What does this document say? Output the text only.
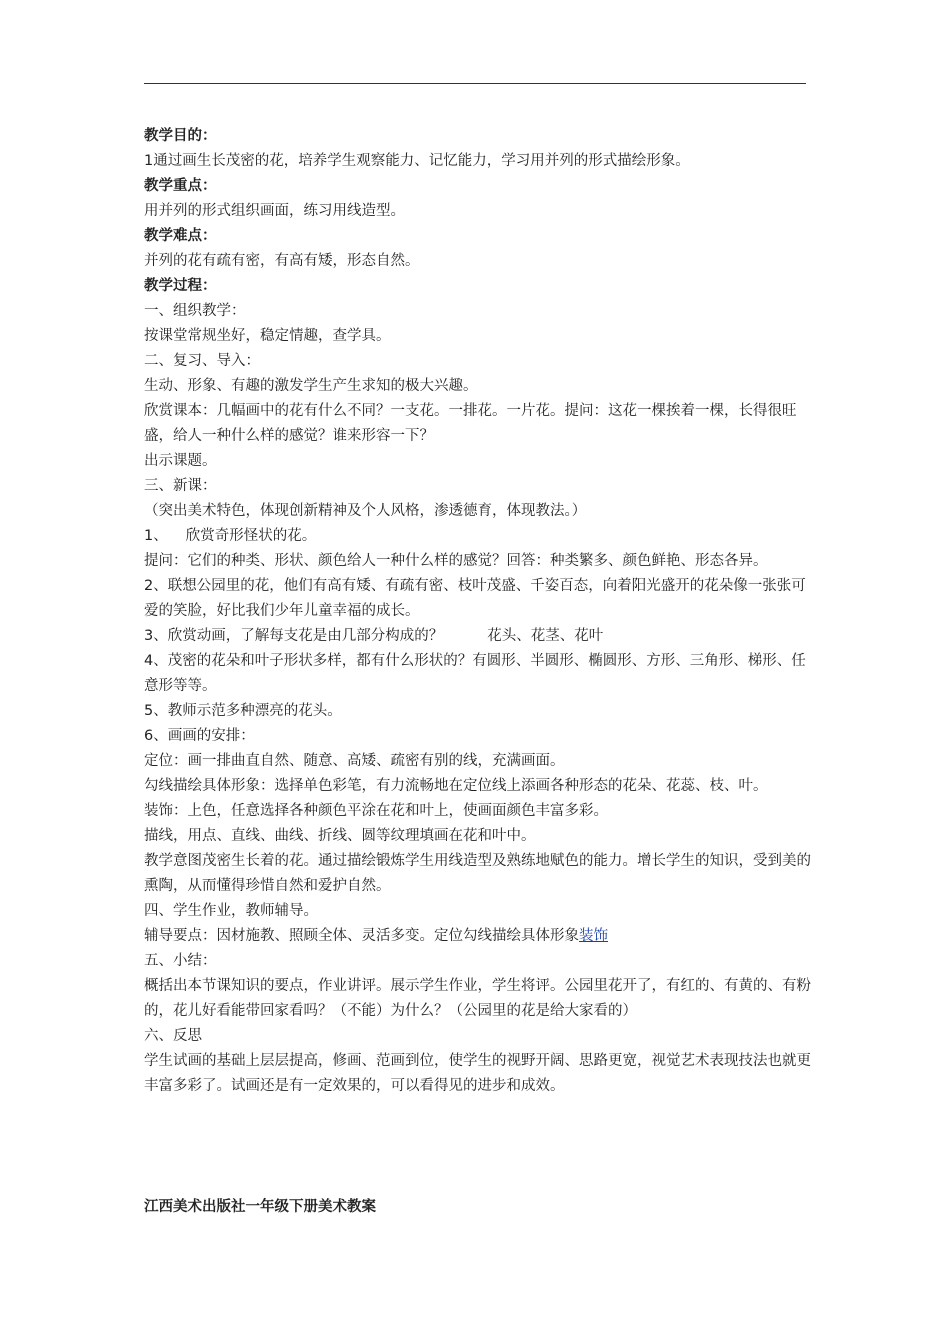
教学目的：

1通过画生长茂密的花，培养学生观察能力、记忆能力，学习用并列的形式描绘形象。

教学重点：

用并列的形式组织画面，练习用线造型。

教学难点：

并列的花有疏有密，有高有矮，形态自然。

教学过程：

一、组织教学：

按课堂常规坐好，稳定情趣，查学具。

二、复习、导入：

生动、形象、有趣的激发学生产生求知的极大兴趣。

欣赏课本：几幅画中的花有什么不同？一支花。一排花。一片花。提问：这花一棵挨着一棵，长得很旺盛，给人一种什么样的感觉？谁来形容一下？

出示课题。

三、新课：

（突出美术特色，体现创新精神及个人风格，渗透德育，体现教法。）

1、 欣赏奇形怪状的花。

提问：它们的种类、形状、颜色给人一种什么样的感觉？回答：种类繁多、颜色鲜艳、形态各异。

2、联想公园里的花，他们有高有矮、有疏有密、枝叶茂盛、千姿百态，向着阳光盛开的花朵像一张张可爱的笑脸，好比我们少年儿童幸福的成长。

3、欣赏动画，了解每支花是由几部分构成的？	花头、花茎、花叶

4、茂密的花朵和叶子形状多样，都有什么形状的？有圆形、半圆形、椭圆形、方形、三角形、梯形、任意形等等。

5、教师示范多种漂亮的花头。

6、画画的安排：

定位：画一排曲直自然、随意、高矮、疏密有别的线，充满画面。

勾线描绘具体形象：选择单色彩笔，有力流畅地在定位线上添画各种形态的花朵、花蕊、枝、叶。

装饰：上色，任意选择各种颜色平涂在花和叶上，使画面颜色丰富多彩。

描线，用点、直线、曲线、折线、圆等纹理填画在花和叶中。

教学意图茂密生长着的花。通过描绘锻炼学生用线造型及熟练地赋色的能力。增长学生的知识，受到美的熏陶，从而懂得珍惜自然和爱护自然。

四、学生作业，教师辅导。

辅导要点：因材施教、照顾全体、灵活多变。定位勾线描绘具体形象装饰

五、小结：

概括出本节课知识的要点，作业讲评。展示学生作业，学生将评。公园里花开了，有红的、有黄的、有粉的，花儿好看能带回家看吗？（不能）为什么？（公园里的花是给大家看的）

六、反思

学生试画的基础上层层提高，修画、范画到位，使学生的视野开阔、思路更宽，视觉艺术表现技法也就更丰富多彩了。试画还是有一定效果的，可以看得见的进步和成效。

江西美术出版社一年级下册美术教案
